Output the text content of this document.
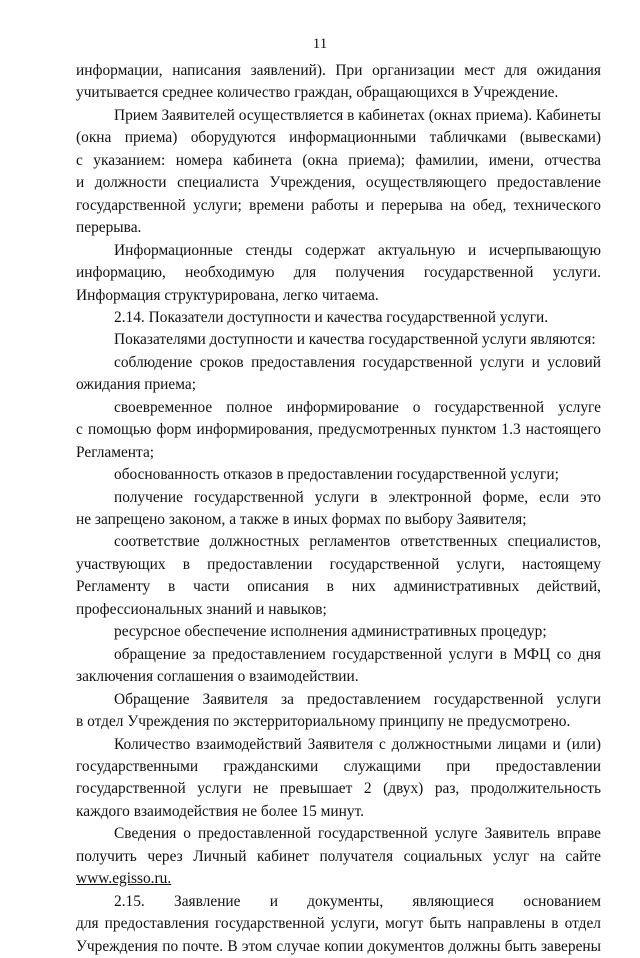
11
информации, написания заявлений). При организации мест для ожидания
учитывается среднее количество граждан, обращающихся в Учреждение.
Прием Заявителей осуществляется в кабинетах (окнах приема). Кабинеты
(окна приема) оборудуются информационными табличками (вывесками)
с указанием: номера кабинета (окна приема); фамилии, имени, отчества
и должности специалиста Учреждения, осуществляющего предоставление
государственной услуги; времени работы и перерыва на обед, технического
перерыва.
Информационные стенды содержат актуальную и исчерпывающую
информацию, необходимую для получения государственной услуги.
Информация структурирована, легко читаема.
2.14. Показатели доступности и качества государственной услуги.
Показателями доступности и качества государственной услуги являются:
соблюдение сроков предоставления государственной услуги и условий
ожидания приема;
своевременное полное информирование о государственной услуге
с помощью форм информирования, предусмотренных пунктом 1.3 настоящего
Регламента;
обоснованность отказов в предоставлении государственной услуги;
получение государственной услуги в электронной форме, если это
не запрещено законом, а также в иных формах по выбору Заявителя;
соответствие должностных регламентов ответственных специалистов,
участвующих в предоставлении государственной услуги, настоящему
Регламенту в части описания в них административных действий,
профессиональных знаний и навыков;
ресурсное обеспечение исполнения административных процедур;
обращение за предоставлением государственной услуги в МФЦ со дня
заключения соглашения о взаимодействии.
Обращение Заявителя за предоставлением государственной услуги
в отдел Учреждения по экстерриториальному принципу не предусмотрено.
Количество взаимодействий Заявителя с должностными лицами и (или)
государственными гражданскими служащими при предоставлении
государственной услуги не превышает 2 (двух) раз, продолжительность
каждого взаимодействия не более 15 минут.
Сведения о предоставленной государственной услуге Заявитель вправе
получить через Личный кабинет получателя социальных услуг на сайте
www.egisso.ru.
2.15. Заявление и документы, являющиеся основанием
для предоставления государственной услуги, могут быть направлены в отдел
Учреждения по почте. В этом случае копии документов должны быть заверены
